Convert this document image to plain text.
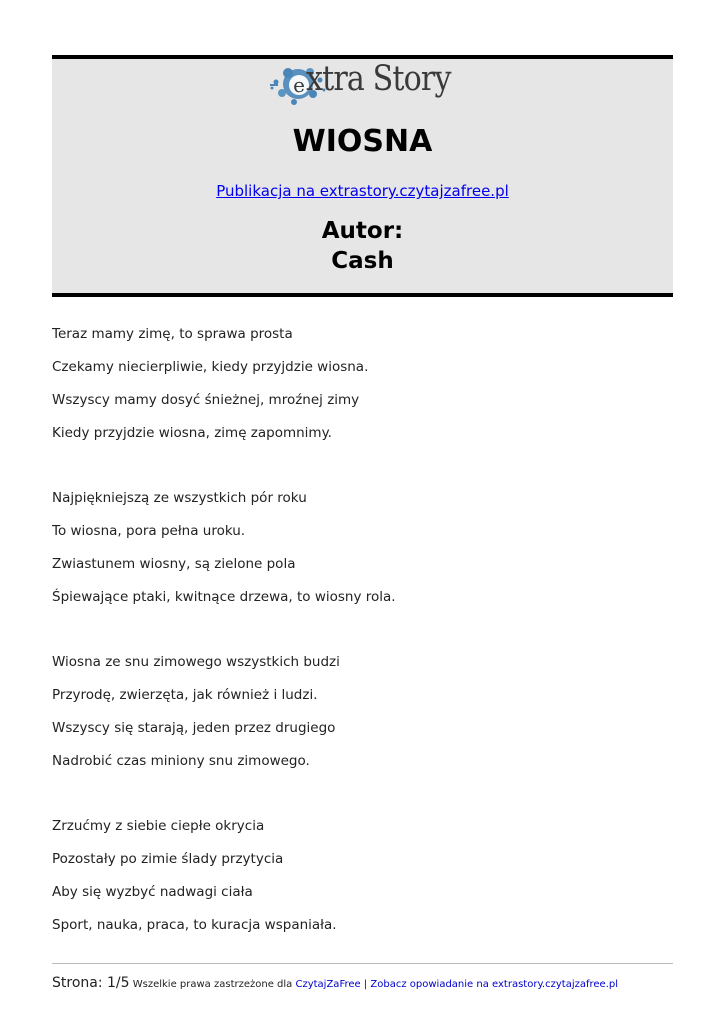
e xtra Story
WIOSNA
Publikacja na extrastory.czytajzafree.pl
Autor:
Cash
Teraz mamy zimę, to sprawa prosta
Czekamy niecierpliwie, kiedy przyjdzie wiosna.
Wszyscy mamy dosyć śnieżnej, mroźnej zimy
Kiedy przyjdzie wiosna, zimę zapomnimy.
Najpiękniejszą ze wszystkich pór roku
To wiosna, pora pełna uroku.
Zwiastunem wiosny, są zielone pola
Śpiewające ptaki, kwitnące drzewa, to wiosny rola.
Wiosna ze snu zimowego wszystkich budzi
Przyrodę, zwierzęta, jak również i ludzi.
Wszyscy się starają, jeden przez drugiego
Nadrobić czas miniony snu zimowego.
Zrzućmy z siebie ciepłe okrycia
Pozostały po zimie ślady przytycia
Aby się wyzbyć nadwagi ciała
Sport, nauka, praca, to kuracja wspaniała.
Strona: 1/5 Wszelkie prawa zastrzeżone dla CzytajZaFree | Zobacz opowiadanie na extrastory.czytajzafree.pl
